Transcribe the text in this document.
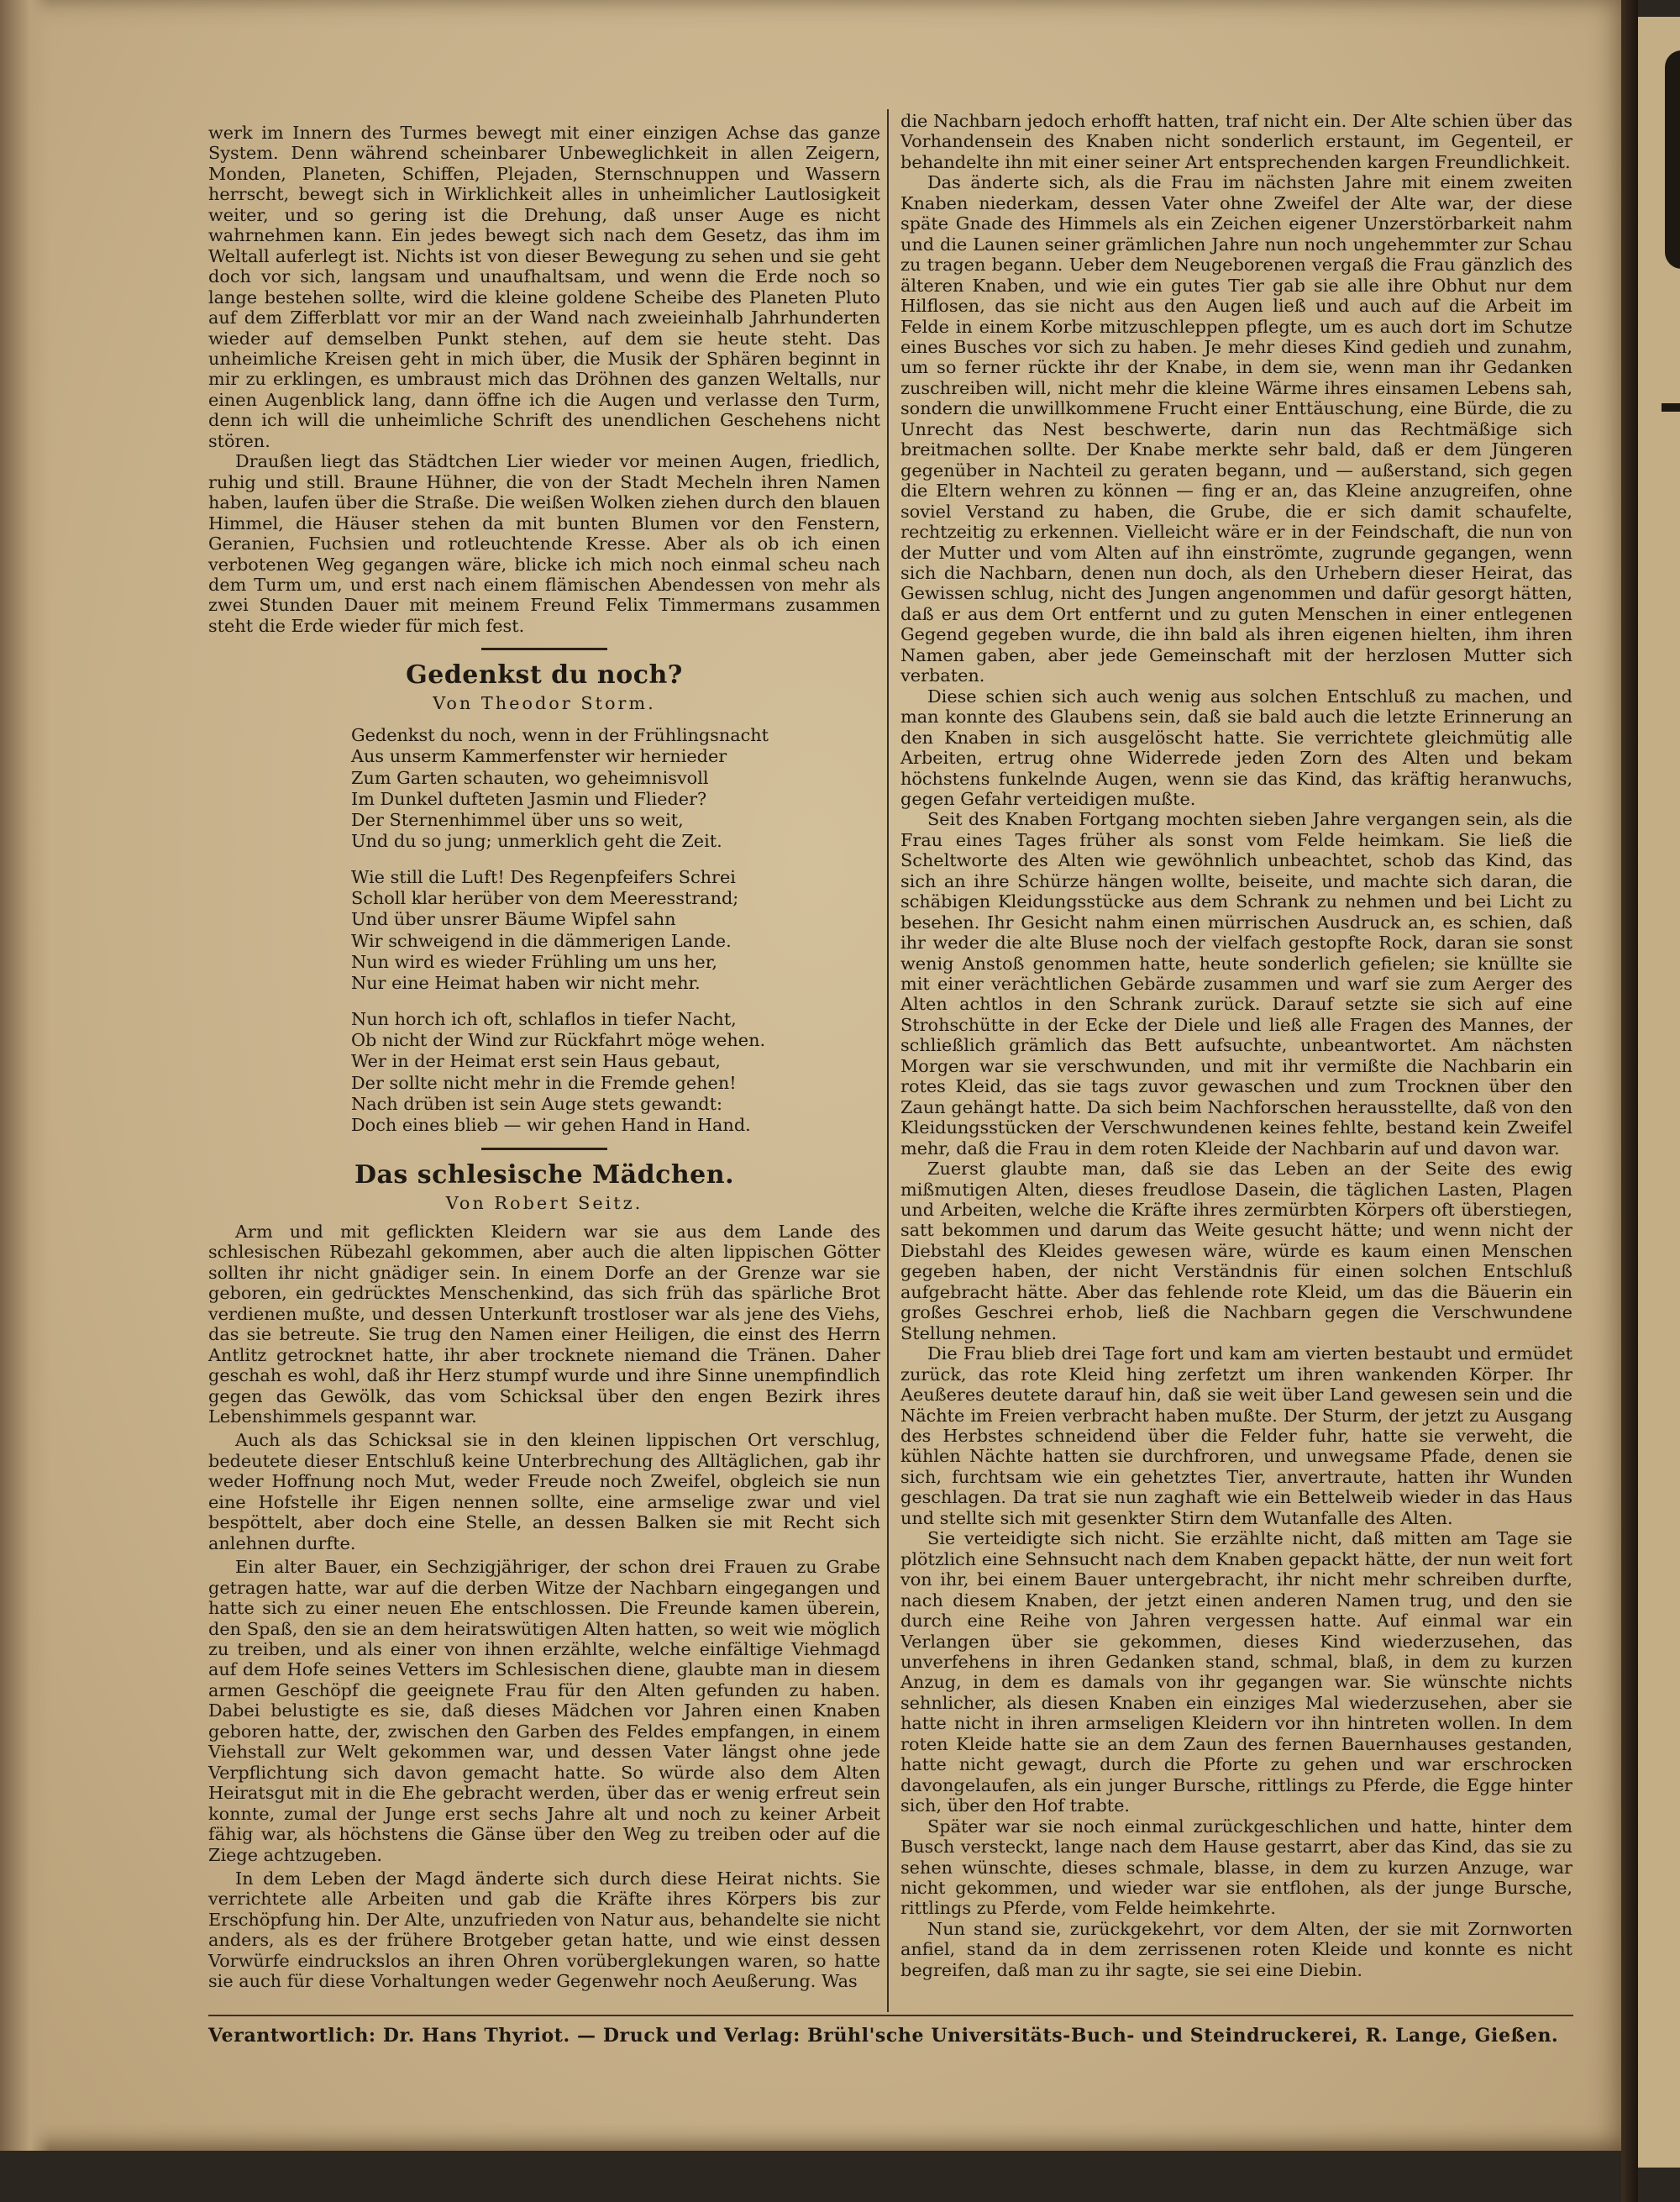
werk im Innern des Turmes bewegt mit einer einzigen Achse das ganze System. Denn während scheinbarer Unbeweglichkeit in allen Zeigern, Monden, Planeten, Schiffen, Plejaden, Sternschnuppen und Wassern herrscht, bewegt sich in Wirklichkeit alles in unheimlicher Lautlosigkeit weiter, und so gering ist die Drehung, daß unser Auge es nicht wahrnehmen kann. Ein jedes bewegt sich nach dem Gesetz, das ihm im Weltall auferlegt ist. Nichts ist von dieser Bewegung zu sehen und sie geht doch vor sich, langsam und unaufhaltsam, und wenn die Erde noch so lange bestehen sollte, wird die kleine goldene Scheibe des Planeten Pluto auf dem Zifferblatt vor mir an der Wand nach zweieinhalb Jahrhunderten wieder auf demselben Punkt stehen, auf dem sie heute steht. Das unheimliche Kreisen geht in mich über, die Musik der Sphären beginnt in mir zu erklingen, es umbraust mich das Dröhnen des ganzen Weltalls, nur einen Augenblick lang, dann öffne ich die Augen und verlasse den Turm, denn ich will die unheimliche Schrift des unendlichen Geschehens nicht stören.

Draußen liegt das Städtchen Lier wieder vor meinen Augen, friedlich, ruhig und still. Braune Hühner, die von der Stadt Mecheln ihren Namen haben, laufen über die Straße. Die weißen Wolken ziehen durch den blauen Himmel, die Häuser stehen da mit bunten Blumen vor den Fenstern, Geranien, Fuchsien und rotleuchtende Kresse. Aber als ob ich einen verbotenen Weg gegangen wäre, blicke ich mich noch einmal scheu nach dem Turm um, und erst nach einem flämischen Abendessen von mehr als zwei Stunden Dauer mit meinem Freund Felix Timmermans zusammen steht die Erde wieder für mich fest.

Gedenkst du noch?

Von Theodor Storm.

Gedenkst du noch, wenn in der Frühlingsnacht
Aus unserm Kammerfenster wir hernieder
Zum Garten schauten, wo geheimnisvoll
Im Dunkel dufteten Jasmin und Flieder?
Der Sternenhimmel über uns so weit,
Und du so jung; unmerklich geht die Zeit.

Wie still die Luft! Des Regenpfeifers Schrei
Scholl klar herüber von dem Meeresstrand;
Und über unsrer Bäume Wipfel sahn
Wir schweigend in die dämmerigen Lande.
Nun wird es wieder Frühling um uns her,
Nur eine Heimat haben wir nicht mehr.

Nun horch ich oft, schlaflos in tiefer Nacht,
Ob nicht der Wind zur Rückfahrt möge wehen.
Wer in der Heimat erst sein Haus gebaut,
Der sollte nicht mehr in die Fremde gehen!
Nach drüben ist sein Auge stets gewandt:
Doch eines blieb — wir gehen Hand in Hand.

Das schlesische Mädchen.

Von Robert Seitz.

Arm und mit geflickten Kleidern war sie aus dem Lande des schlesischen Rübezahl gekommen, aber auch die alten lippischen Götter sollten ihr nicht gnädiger sein. In einem Dorfe an der Grenze war sie geboren, ein gedrücktes Menschenkind, das sich früh das spärliche Brot verdienen mußte, und dessen Unterkunft trostloser war als jene des Viehs, das sie betreute. Sie trug den Namen einer Heiligen, die einst des Herrn Antlitz getrocknet hatte, ihr aber trocknete niemand die Tränen. Daher geschah es wohl, daß ihr Herz stumpf wurde und ihre Sinne unempfindlich gegen das Gewölk, das vom Schicksal über den engen Bezirk ihres Lebenshimmels gespannt war.

Auch als das Schicksal sie in den kleinen lippischen Ort verschlug, bedeutete dieser Entschluß keine Unterbrechung des Alltäglichen, gab ihr weder Hoffnung noch Mut, weder Freude noch Zweifel, obgleich sie nun eine Hofstelle ihr Eigen nennen sollte, eine armselige zwar und viel bespöttelt, aber doch eine Stelle, an dessen Balken sie mit Recht sich anlehnen durfte.

Ein alter Bauer, ein Sechzigjähriger, der schon drei Frauen zu Grabe getragen hatte, war auf die derben Witze der Nachbarn eingegangen und hatte sich zu einer neuen Ehe entschlossen. Die Freunde kamen überein, den Spaß, den sie an dem heiratswütigen Alten hatten, so weit wie möglich zu treiben, und als einer von ihnen erzählte, welche einfältige Viehmagd auf dem Hofe seines Vetters im Schlesischen diene, glaubte man in diesem armen Geschöpf die geeignete Frau für den Alten gefunden zu haben. Dabei belustigte es sie, daß dieses Mädchen vor Jahren einen Knaben geboren hatte, der, zwischen den Garben des Feldes empfangen, in einem Viehstall zur Welt gekommen war, und dessen Vater längst ohne jede Verpflichtung sich davon gemacht hatte. So würde also dem Alten Heiratsgut mit in die Ehe gebracht werden, über das er wenig erfreut sein konnte, zumal der Junge erst sechs Jahre alt und noch zu keiner Arbeit fähig war, als höchstens die Gänse über den Weg zu treiben oder auf die Ziege achtzugeben.

In dem Leben der Magd änderte sich durch diese Heirat nichts. Sie verrichtete alle Arbeiten und gab die Kräfte ihres Körpers bis zur Erschöpfung hin. Der Alte, unzufrieden von Natur aus, behandelte sie nicht anders, als es der frühere Brotgeber getan hatte, und wie einst dessen Vorwürfe eindruckslos an ihren Ohren vorüberglekungen waren, so hatte sie auch für diese Vorhaltungen weder Gegenwehr noch Aeußerung. Was

die Nachbarn jedoch erhofft hatten, traf nicht ein. Der Alte schien über das Vorhandensein des Knaben nicht sonderlich erstaunt, im Gegenteil, er behandelte ihn mit einer seiner Art entsprechenden kargen Freundlichkeit.

Das änderte sich, als die Frau im nächsten Jahre mit einem zweiten Knaben niederkam, dessen Vater ohne Zweifel der Alte war, der diese späte Gnade des Himmels als ein Zeichen eigener Unzerstörbarkeit nahm und die Launen seiner grämlichen Jahre nun noch ungehemmter zur Schau zu tragen begann. Ueber dem Neugeborenen vergaß die Frau gänzlich des älteren Knaben, und wie ein gutes Tier gab sie alle ihre Obhut nur dem Hilflosen, das sie nicht aus den Augen ließ und auch auf die Arbeit im Felde in einem Korbe mitzuschleppen pflegte, um es auch dort im Schutze eines Busches vor sich zu haben. Je mehr dieses Kind gedieh und zunahm, um so ferner rückte ihr der Knabe, in dem sie, wenn man ihr Gedanken zuschreiben will, nicht mehr die kleine Wärme ihres einsamen Lebens sah, sondern die unwillkommene Frucht einer Enttäuschung, eine Bürde, die zu Unrecht das Nest beschwerte, darin nun das Rechtmäßige sich breitmachen sollte. Der Knabe merkte sehr bald, daß er dem Jüngeren gegenüber in Nachteil zu geraten begann, und — außerstand, sich gegen die Eltern wehren zu können — fing er an, das Kleine anzugreifen, ohne soviel Verstand zu haben, die Grube, die er sich damit schaufelte, rechtzeitig zu erkennen. Vielleicht wäre er in der Feindschaft, die nun von der Mutter und vom Alten auf ihn einströmte, zugrunde gegangen, wenn sich die Nachbarn, denen nun doch, als den Urhebern dieser Heirat, das Gewissen schlug, nicht des Jungen angenommen und dafür gesorgt hätten, daß er aus dem Ort entfernt und zu guten Menschen in einer entlegenen Gegend gegeben wurde, die ihn bald als ihren eigenen hielten, ihm ihren Namen gaben, aber jede Gemeinschaft mit der herzlosen Mutter sich verbaten.

Diese schien sich auch wenig aus solchen Entschluß zu machen, und man konnte des Glaubens sein, daß sie bald auch die letzte Erinnerung an den Knaben in sich ausgelöscht hatte. Sie verrichtete gleichmütig alle Arbeiten, ertrug ohne Widerrede jeden Zorn des Alten und bekam höchstens funkelnde Augen, wenn sie das Kind, das kräftig heranwuchs, gegen Gefahr verteidigen mußte.

Seit des Knaben Fortgang mochten sieben Jahre vergangen sein, als die Frau eines Tages früher als sonst vom Felde heimkam. Sie ließ die Scheltworte des Alten wie gewöhnlich unbeachtet, schob das Kind, das sich an ihre Schürze hängen wollte, beiseite, und machte sich daran, die schäbigen Kleidungsstücke aus dem Schrank zu nehmen und bei Licht zu besehen. Ihr Gesicht nahm einen mürrischen Ausdruck an, es schien, daß ihr weder die alte Bluse noch der vielfach gestopfte Rock, daran sie sonst wenig Anstoß genommen hatte, heute sonderlich gefielen; sie knüllte sie mit einer verächtlichen Gebärde zusammen und warf sie zum Aerger des Alten achtlos in den Schrank zurück. Darauf setzte sie sich auf eine Strohschütte in der Ecke der Diele und ließ alle Fragen des Mannes, der schließlich grämlich das Bett aufsuchte, unbeantwortet. Am nächsten Morgen war sie verschwunden, und mit ihr vermißte die Nachbarin ein rotes Kleid, das sie tags zuvor gewaschen und zum Trocknen über den Zaun gehängt hatte. Da sich beim Nachforschen herausstellte, daß von den Kleidungsstücken der Verschwundenen keines fehlte, bestand kein Zweifel mehr, daß die Frau in dem roten Kleide der Nachbarin auf und davon war.

Zuerst glaubte man, daß sie das Leben an der Seite des ewig mißmutigen Alten, dieses freudlose Dasein, die täglichen Lasten, Plagen und Arbeiten, welche die Kräfte ihres zermürbten Körpers oft überstiegen, satt bekommen und darum das Weite gesucht hätte; und wenn nicht der Diebstahl des Kleides gewesen wäre, würde es kaum einen Menschen gegeben haben, der nicht Verständnis für einen solchen Entschluß aufgebracht hätte. Aber das fehlende rote Kleid, um das die Bäuerin ein großes Geschrei erhob, ließ die Nachbarn gegen die Verschwundene Stellung nehmen.

Die Frau blieb drei Tage fort und kam am vierten bestaubt und ermüdet zurück, das rote Kleid hing zerfetzt um ihren wankenden Körper. Ihr Aeußeres deutete darauf hin, daß sie weit über Land gewesen sein und die Nächte im Freien verbracht haben mußte. Der Sturm, der jetzt zu Ausgang des Herbstes schneidend über die Felder fuhr, hatte sie verweht, die kühlen Nächte hatten sie durchfroren, und unwegsame Pfade, denen sie sich, furchtsam wie ein gehetztes Tier, anvertraute, hatten ihr Wunden geschlagen. Da trat sie nun zaghaft wie ein Bettelweib wieder in das Haus und stellte sich mit gesenkter Stirn dem Wutanfalle des Alten.

Sie verteidigte sich nicht. Sie erzählte nicht, daß mitten am Tage sie plötzlich eine Sehnsucht nach dem Knaben gepackt hätte, der nun weit fort von ihr, bei einem Bauer untergebracht, ihr nicht mehr schreiben durfte, nach diesem Knaben, der jetzt einen anderen Namen trug, und den sie durch eine Reihe von Jahren vergessen hatte. Auf einmal war ein Verlangen über sie gekommen, dieses Kind wiederzusehen, das unverfehens in ihren Gedanken stand, schmal, blaß, in dem zu kurzen Anzug, in dem es damals von ihr gegangen war. Sie wünschte nichts sehnlicher, als diesen Knaben ein einziges Mal wiederzusehen, aber sie hatte nicht in ihren armseligen Kleidern vor ihn hintreten wollen. In dem roten Kleide hatte sie an dem Zaun des fernen Bauernhauses gestanden, hatte nicht gewagt, durch die Pforte zu gehen und war erschrocken davongelaufen, als ein junger Bursche, rittlings zu Pferde, die Egge hinter sich, über den Hof trabte.

Später war sie noch einmal zurückgeschlichen und hatte, hinter dem Busch versteckt, lange nach dem Hause gestarrt, aber das Kind, das sie zu sehen wünschte, dieses schmale, blasse, in dem zu kurzen Anzuge, war nicht gekommen, und wieder war sie entflohen, als der junge Bursche, rittlings zu Pferde, vom Felde heimkehrte.

Nun stand sie, zurückgekehrt, vor dem Alten, der sie mit Zornworten anfiel, stand da in dem zerrissenen roten Kleide und konnte es nicht begreifen, daß man zu ihr sagte, sie sei eine Diebin.

Verantwortlich: Dr. Hans Thyriot. — Druck und Verlag: Brühl'sche Universitäts-Buch- und Steindruckerei, R. Lange, Gießen.
